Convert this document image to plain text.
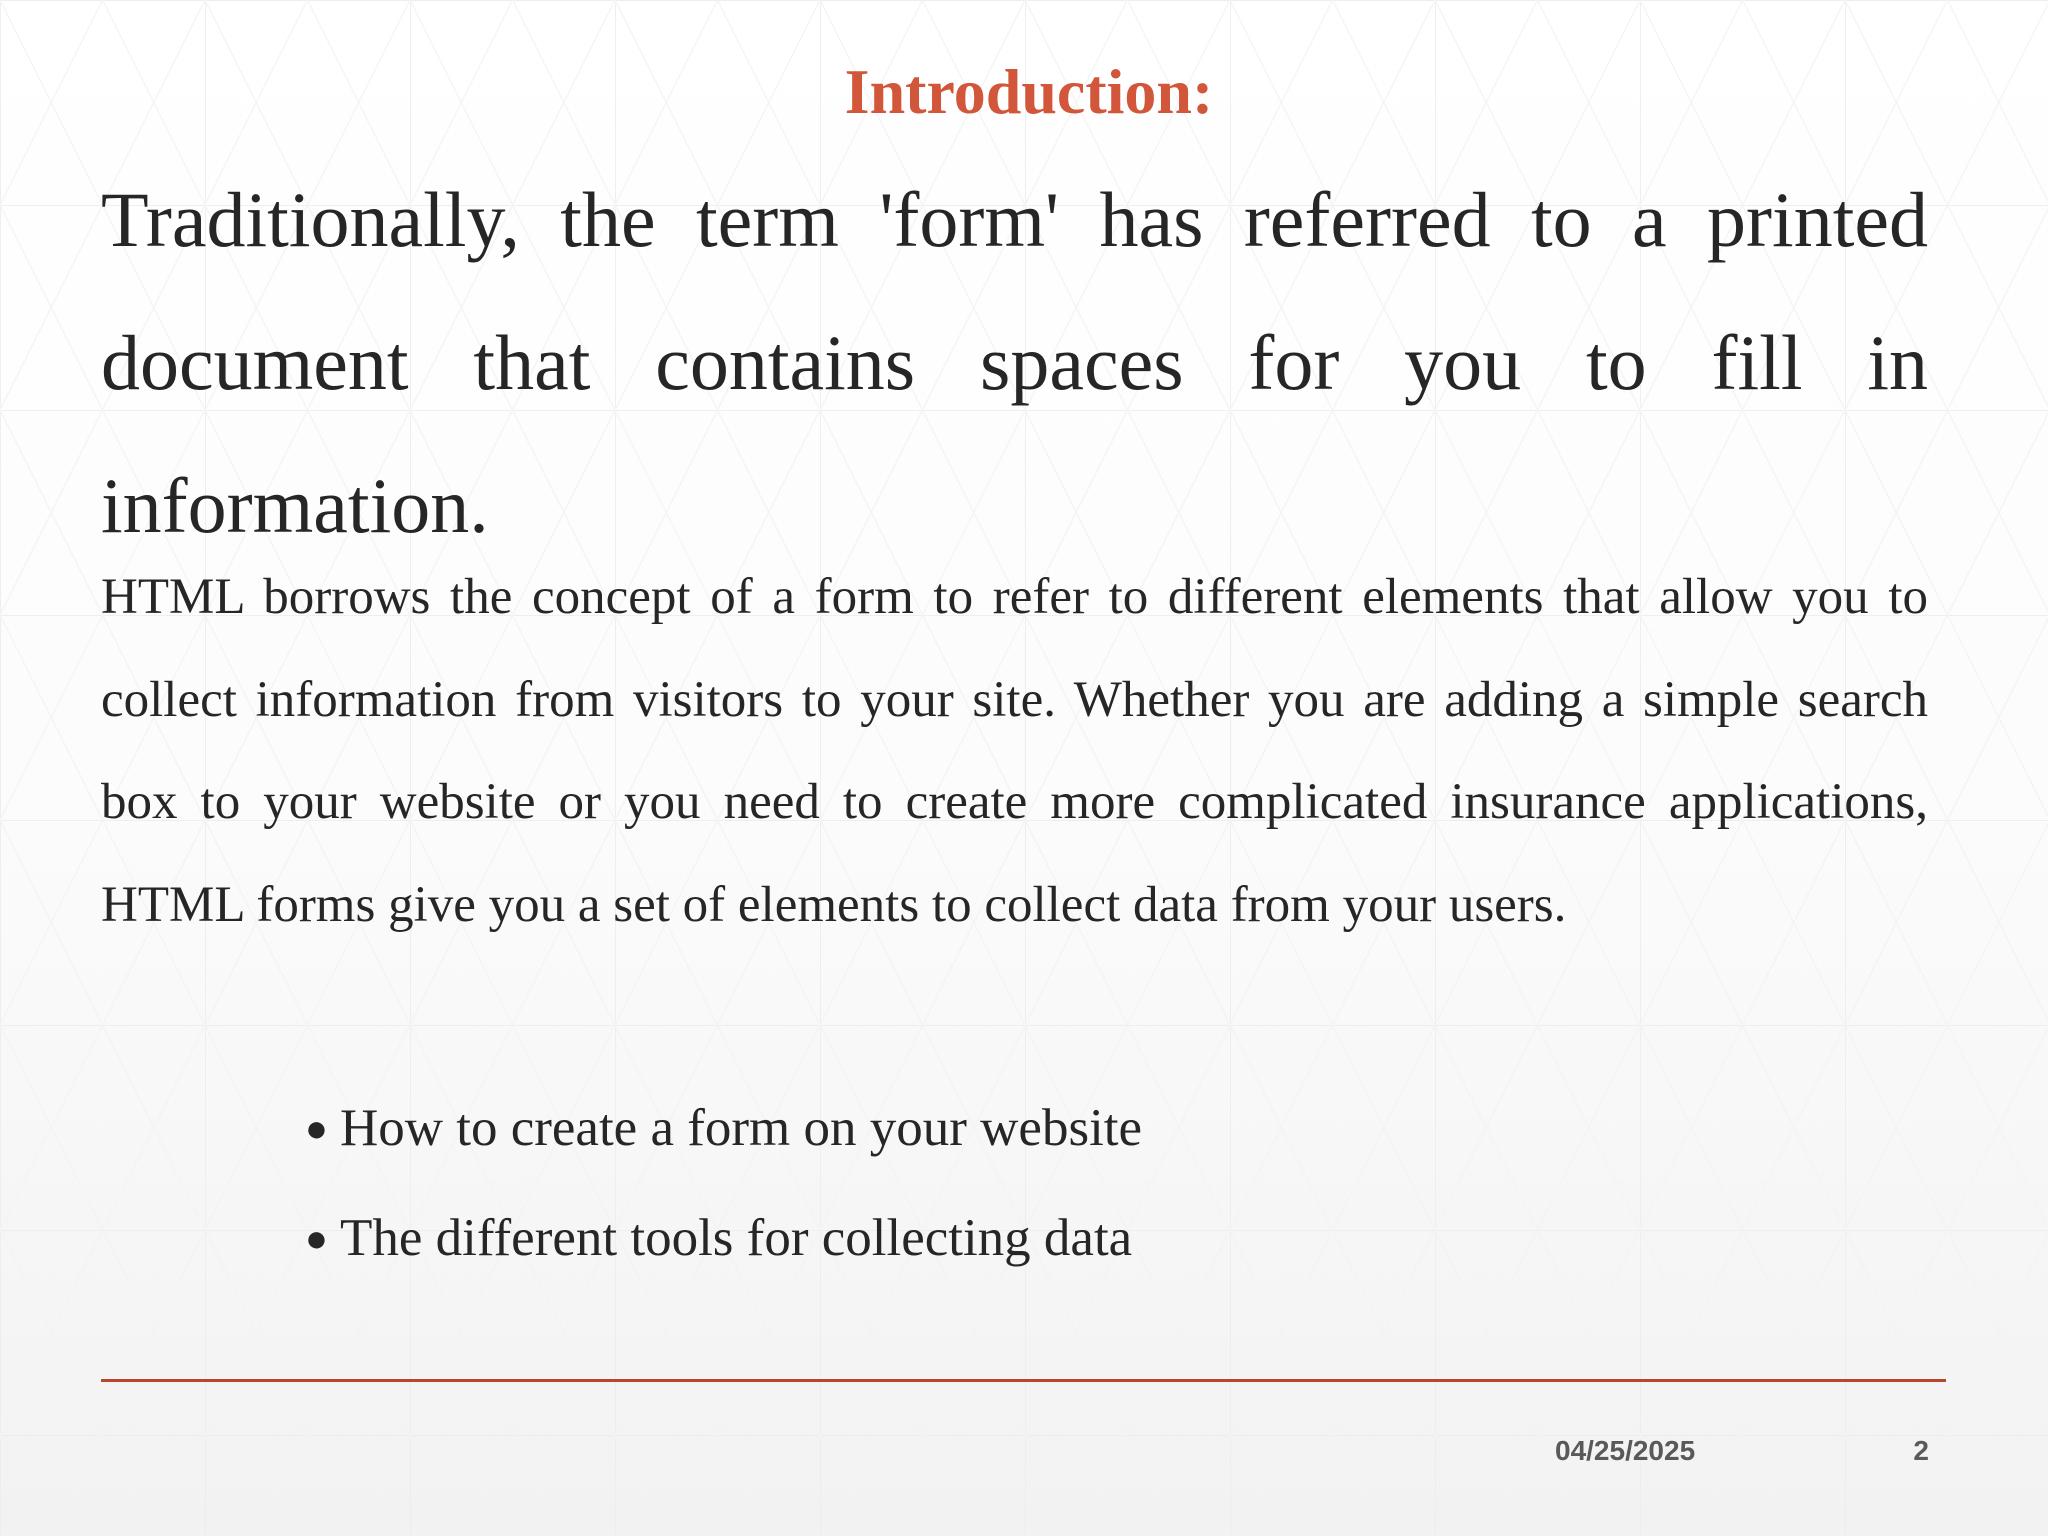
Introduction:

Traditionally, the term 'form' has referred to a printed document that contains spaces for you to fill in information.

HTML borrows the concept of a form to refer to different elements that allow you to collect information from visitors to your site. Whether you are adding a simple search box to your website or you need to create more complicated insurance applications, HTML forms give you a set of elements to collect data from your users.

● How to create a form on your website
● The different tools for collecting data
04/25/2025	2
